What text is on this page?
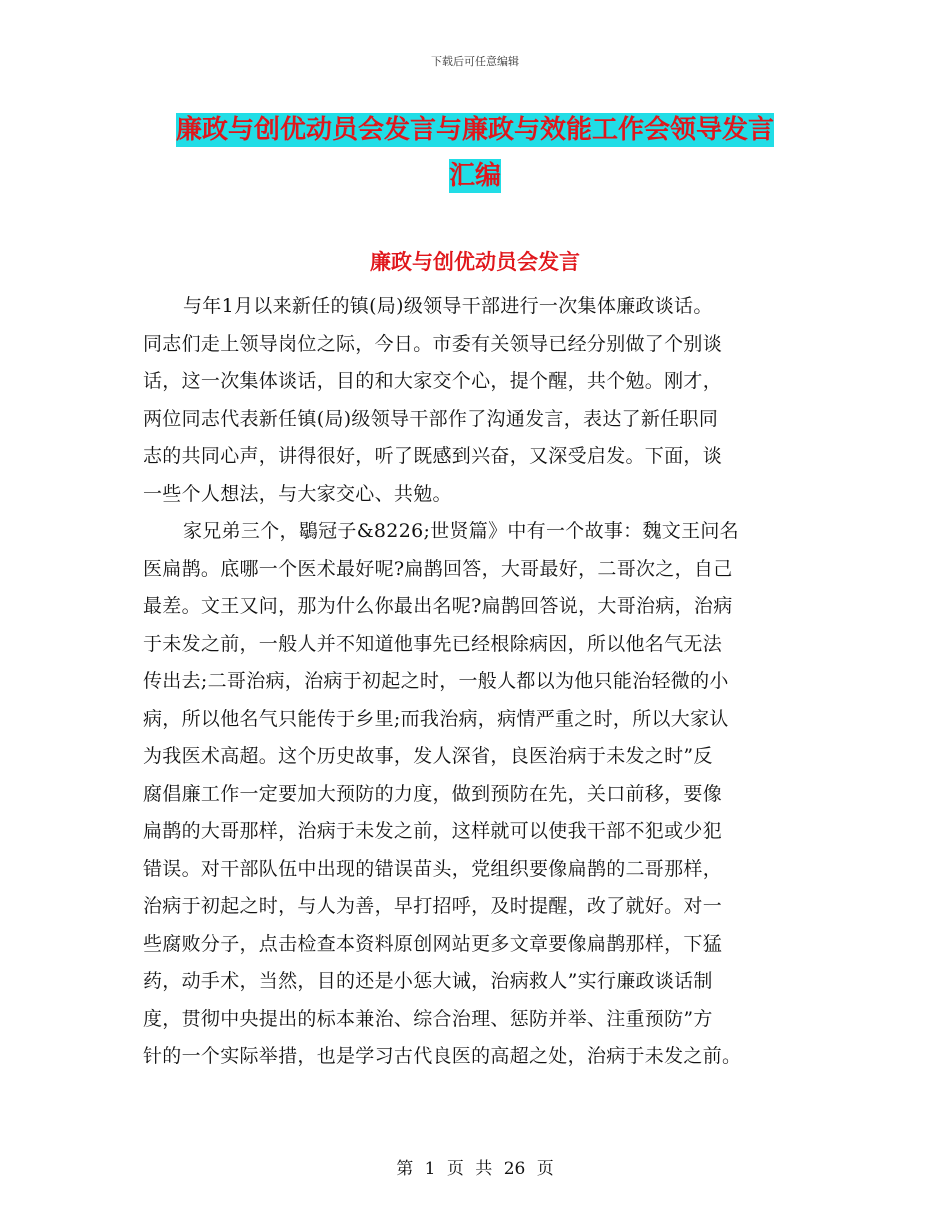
下载后可任意编辑
廉政与创优动员会发言与廉政与效能工作会领导发言
汇编
廉政与创优动员会发言
与年1月以来新任的镇(局)级领导干部进行一次集体廉政谈话。
同志们走上领导岗位之际，今日。市委有关领导已经分别做了个别谈
话，这一次集体谈话，目的和大家交个心，提个醒，共个勉。刚才，
两位同志代表新任镇(局)级领导干部作了沟通发言，表达了新任职同
志的共同心声，讲得很好，听了既感到兴奋，又深受启发。下面，谈
一些个人想法，与大家交心、共勉。
家兄弟三个，鶡冠子&8226;世贤篇》中有一个故事：魏文王问名
医扁鹊。底哪一个医术最好呢?扁鹊回答，大哥最好，二哥次之，自己
最差。文王又问，那为什么你最出名呢?扁鹊回答说，大哥治病，治病
于未发之前，一般人并不知道他事先已经根除病因，所以他名气无法
传出去;二哥治病，治病于初起之时，一般人都以为他只能治轻微的小
病，所以他名气只能传于乡里;而我治病，病情严重之时，所以大家认
为我医术高超。这个历史故事，发人深省，良医治病于未发之时”反
腐倡廉工作一定要加大预防的力度，做到预防在先，关口前移，要像
扁鹊的大哥那样，治病于未发之前，这样就可以使我干部不犯或少犯
错误。对干部队伍中出现的错误苗头，党组织要像扁鹊的二哥那样，
治病于初起之时，与人为善，早打招呼，及时提醒，改了就好。对一
些腐败分子，点击检查本资料原创网站更多文章要像扁鹊那样，下猛
药，动手术，当然，目的还是小惩大诫，治病救人”实行廉政谈话制
度，贯彻中央提出的标本兼治、综合治理、惩防并举、注重预防”方
针的一个实际举措，也是学习古代良医的高超之处，治病于未发之前。
第 1 页 共 26 页
